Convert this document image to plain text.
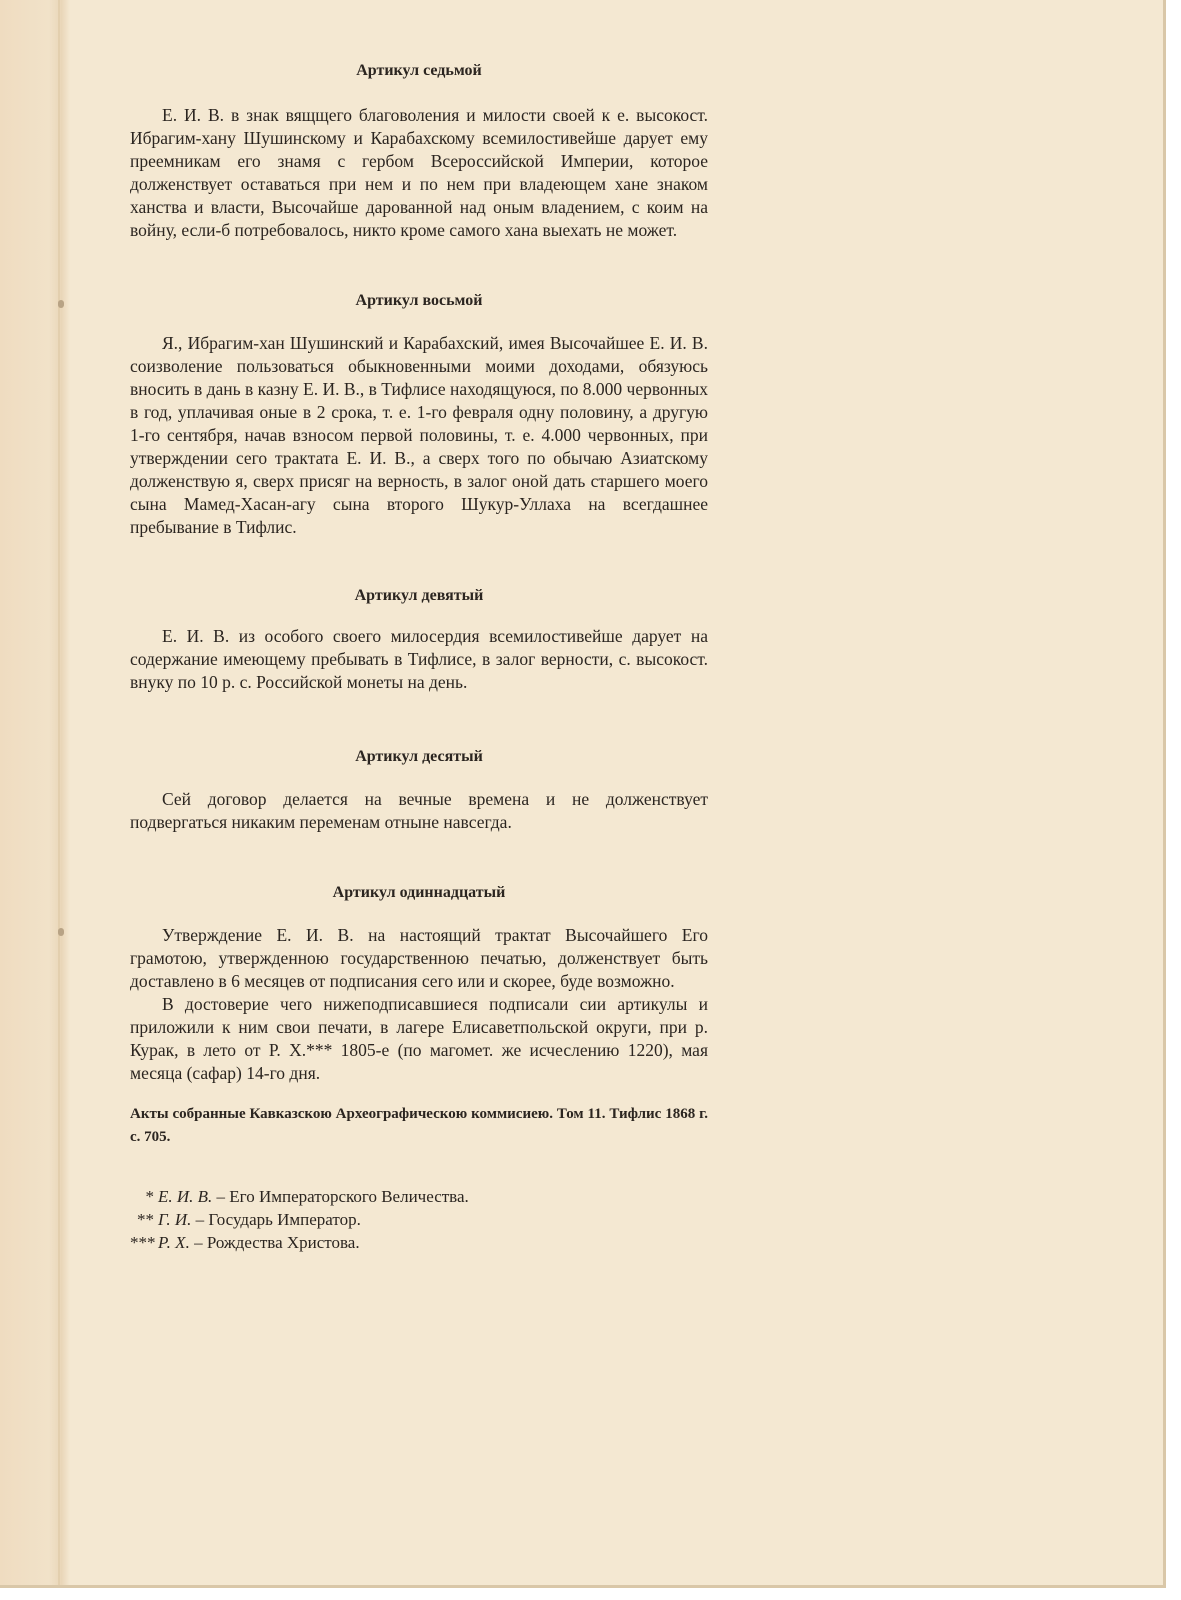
Артикул седьмой

Е. И. В. в знак вящщего благоволения и милости своей к е. высокост. Ибрагим-хану Шушинскому и Карабахскому всемилостивейше дарует ему преемникам его знамя с гербом Всероссийской Империи, которое долженствует оставаться при нем и по нем при владеющем хане знаком ханства и власти, Высочайше дарованной над оным владением, с коим на войну, если-б потребовалось, никто кроме самого хана выехать не может.

Артикул восьмой

Я., Ибрагим-хан Шушинский и Карабахский, имея Высочайшее Е. И. В. соизволение пользоваться обыкновенными моими доходами, обязуюсь вносить в дань в казну Е. И. В., в Тифлисе находящуюся, по 8.000 червонных в год, уплачивая оные в 2 срока, т. е. 1-го февраля одну половину, а другую 1-го сентября, начав взносом первой половины, т. е. 4.000 червонных, при утверждении сего трактата Е. И. В., а сверх того по обычаю Азиатскому долженствую я, сверх присяг на верность, в залог оной дать старшего моего сына Мамед-Хасан-агу сына второго Шукур-Уллаха на всегдашнее пребывание в Тифлис.

Артикул девятый

Е. И. В. из особого своего милосердия всемилостивейше дарует на содержание имеющему пребывать в Тифлисе, в залог верности, с. высокост. внуку по 10 р. с. Российской монеты на день.

Артикул десятый

Сей договор делается на вечные времена и не долженствует подвергаться никаким переменам отныне навсегда.

Артикул одиннадцатый

Утверждение Е. И. В. на настоящий трактат Высочайшего Его грамотою, утвержденною государственною печатью, долженствует быть доставлено в 6 месяцев от подписания сего или и скорее, буде возможно.

В достоверие чего нижеподписавшиеся подписали сии артикулы и приложили к ним свои печати, в лагере Елисаветпольской округи, при р. Курак, в лето от Р. Х.*** 1805-е (по магомет. же исчеслению 1220), мая месяца (сафар) 14-го дня.

Акты собранные Кавказскою Археографическою коммисиею. Том 11. Тифлис 1868 г. с. 705.

* Е. И. В. – Его Императорского Величества.
** Г. И. – Государь Император.
*** Р. Х. – Рождества Христова.
